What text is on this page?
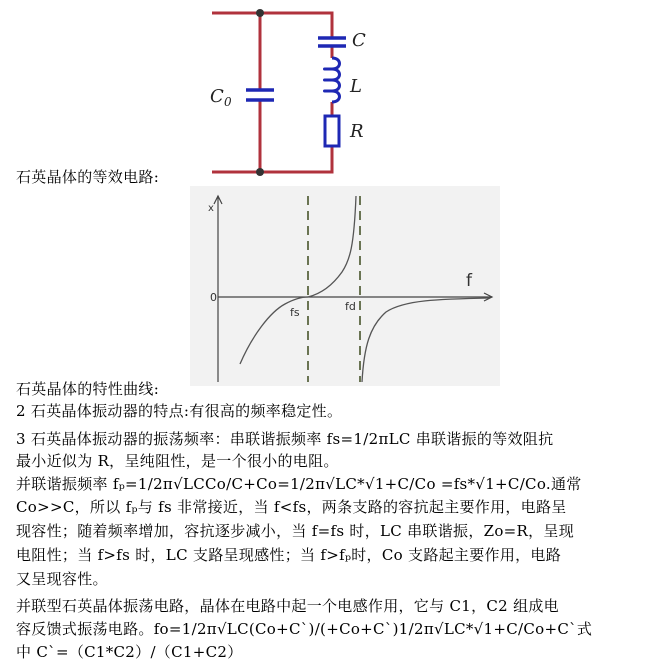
C 0
C
L
R
石英晶体的等效电路:
x
0
f
fs	fd
石英晶体的特性曲线:
2 石英晶体振动器的特点:有很高的频率稳定性。
3 石英晶体振动器的振荡频率：串联谐振频率 fs=1/2πLC 串联谐振的等效阻抗
最小近似为 R，呈纯阻性，是一个很小的电阻。
并联谐振频率 fₚ=1/2π√LCCo/C+Co=1/2π√LC*√1+C/Co =fs*√1+C/Co.通常
Co>>C，所以 fₚ与 fs 非常接近，当 f<fs，两条支路的容抗起主要作用，电路呈
现容性；随着频率增加，容抗逐步减小，当 f=fs 时，LC 串联谐振，Zo=R，呈现
电阻性；当 f>fs 时，LC 支路呈现感性；当 f>fₚ时，Co 支路起主要作用，电路
又呈现容性。
并联型石英晶体振荡电路，晶体在电路中起一个电感作用，它与 C1，C2 组成电
容反馈式振荡电路。fo=1/2π√LC(Co+C`)/(+Co+C`)1/2π√LC*√1+C/Co+C`式
中 C`=（C1*C2）/（C1+C2）
